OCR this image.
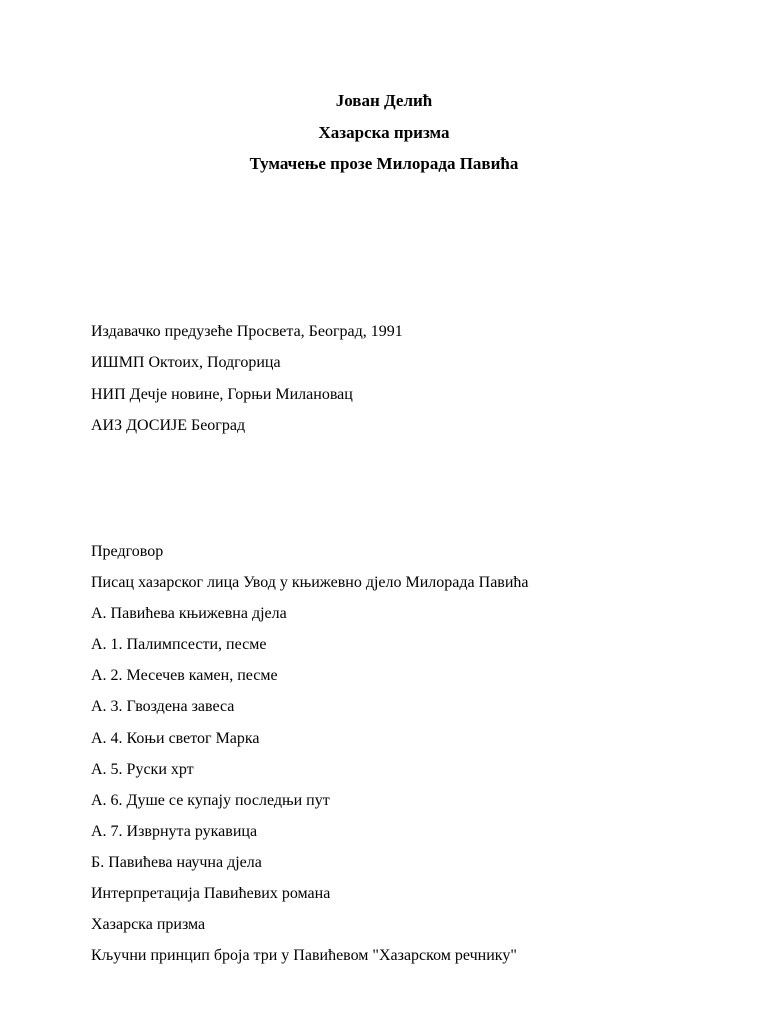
Јован Делић
Хазарска призма
Тумачење прозе Милорада Павића
Издавачко предузеће Просвета, Београд, 1991
ИШМП Октоих, Подгорица
НИП Дечје новине, Горњи Милановац
АИЗ ДОСИЈЕ Београд
Предговор
Писац хазарског лица Увод у књижевно дјело Милорада Павића
А. Павићева књижевна дјела
А. 1. Палимпсести, песме
А. 2. Месечев камен, песме
А. 3. Гвоздена завеса
А. 4. Коњи светог Марка
А. 5. Руски хрт
А. 6. Душе се купају последњи пут
А. 7. Изврнута рукавица
Б. Павићева научна дјела
Интерпретација Павићевих романа
Хазарска призма
Кључни принцип броја три у Павићевом "Хазарском речнику"
